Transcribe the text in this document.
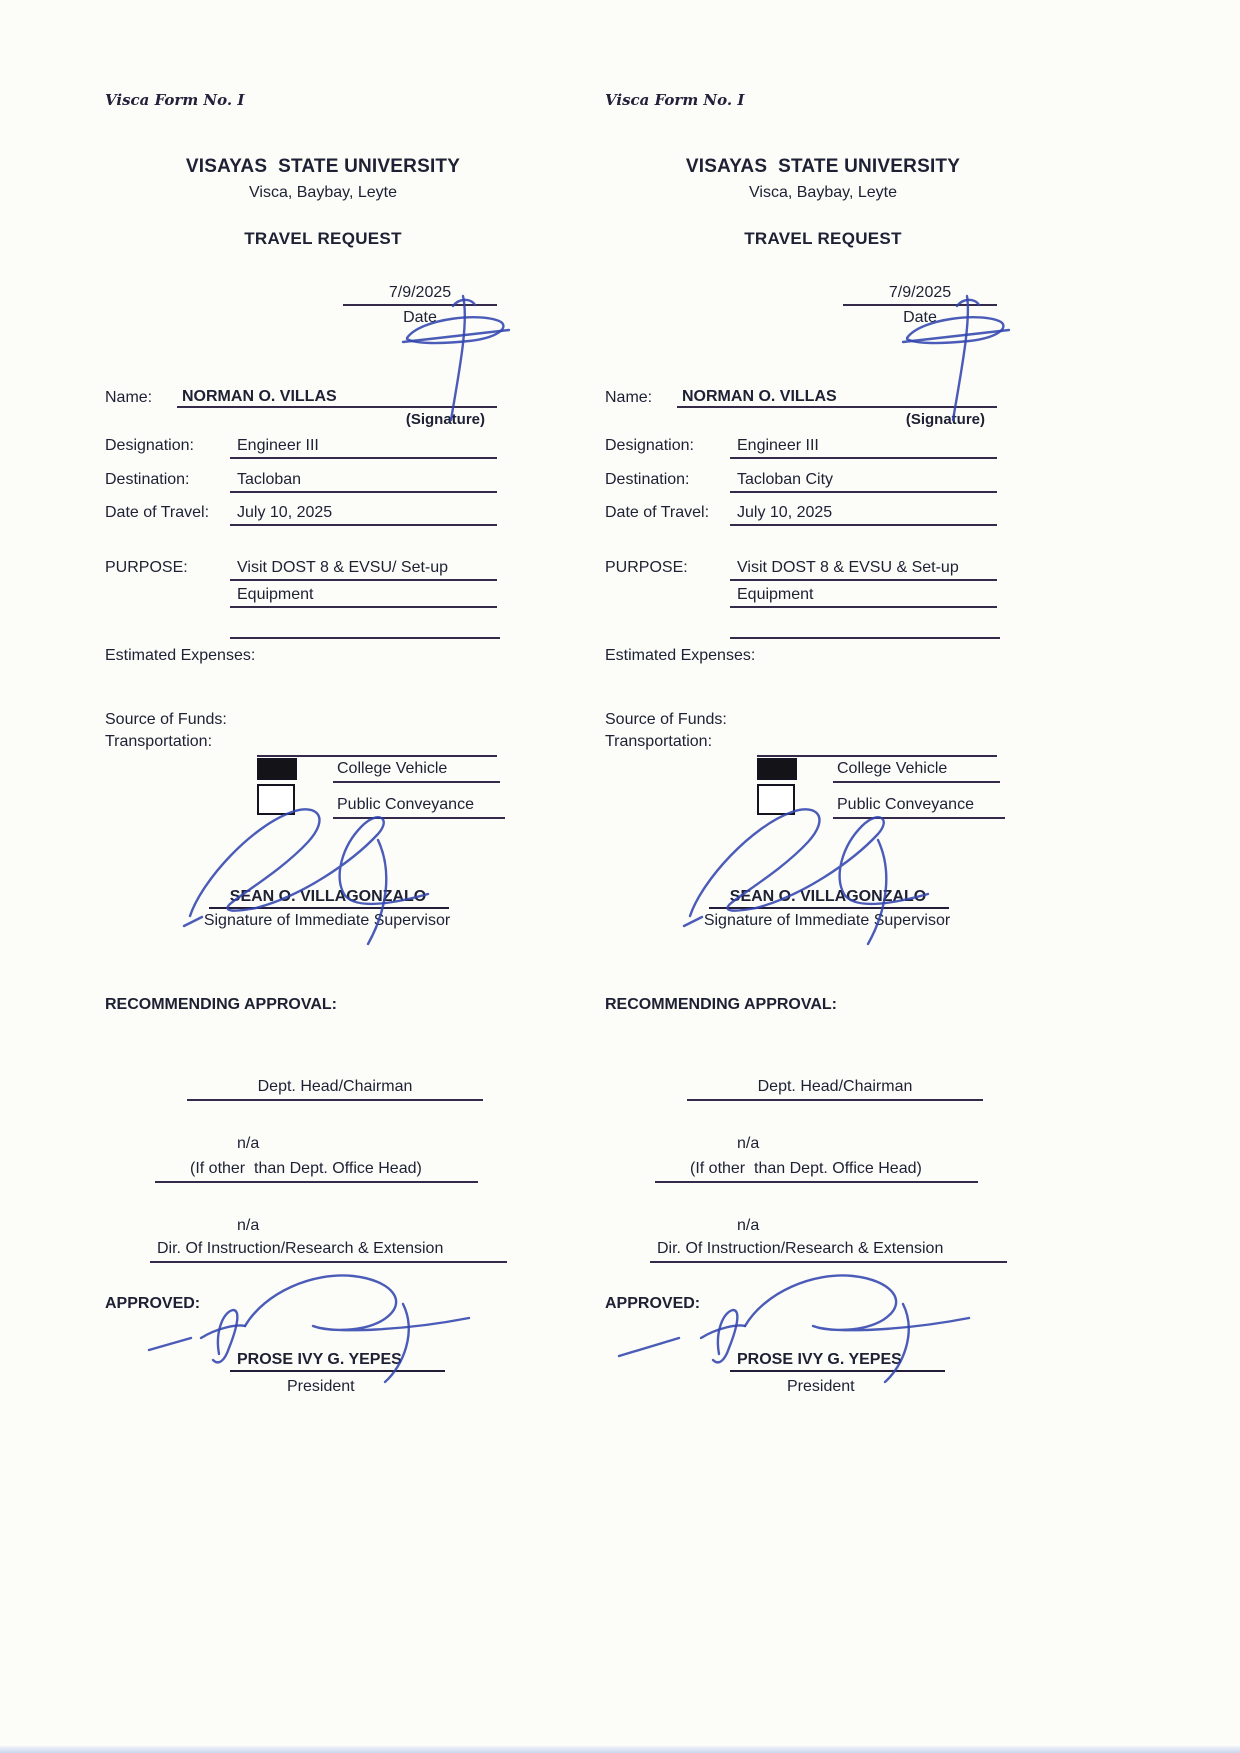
Visca Form No. I
VISAYAS  STATE UNIVERSITY
Visca, Baybay, Leyte
TRAVEL REQUEST
7/9/2025
Date
Name: NORMAN O. VILLAS
(Signature)
Designation:	Engineer III
Destination:	Tacloban
Date of Travel: July 10, 2025
PURPOSE:	Visit DOST 8 & EVSU/ Set-up
Equipment
Estimated Expenses:
Source of Funds:
Transportation:
College Vehicle
Public Conveyance
SEAN O. VILLAGONZALO
Signature of Immediate Supervisor
RECOMMENDING APPROVAL:
Dept. Head/Chairman
n/a
(If other  than Dept. Office Head)
n/a
Dir. Of Instruction/Research & Extension
APPROVED:
PROSE IVY G. YEPES
President
Visca Form No. I
VISAYAS  STATE UNIVERSITY
Visca, Baybay, Leyte
TRAVEL REQUEST
7/9/2025
Date
Name: NORMAN O. VILLAS
(Signature)
Designation:	Engineer III
Destination:	Tacloban City
Date of Travel: July 10, 2025
PURPOSE:	Visit DOST 8 & EVSU & Set-up
Equipment
Estimated Expenses:
Source of Funds:
Transportation:
College Vehicle
Public Conveyance
SEAN O. VILLAGONZALO
Signature of Immediate Supervisor
RECOMMENDING APPROVAL:
Dept. Head/Chairman
n/a
(If other  than Dept. Office Head)
n/a
Dir. Of Instruction/Research & Extension
APPROVED:
PROSE IVY G. YEPES
President
